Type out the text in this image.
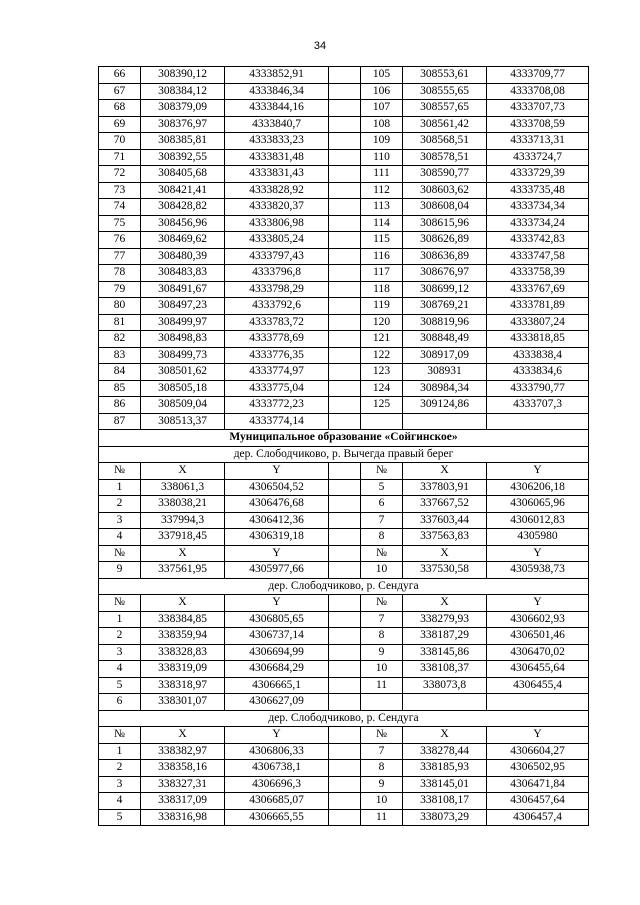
34
66	308390,12	4333852,91		105	308553,61	4333709,77
67	308384,12	4333846,34		106	308555,65	4333708,08
68	308379,09	4333844,16		107	308557,65	4333707,73
69	308376,97	4333840,7		108	308561,42	4333708,59
70	308385,81	4333833,23		109	308568,51	4333713,31
71	308392,55	4333831,48		110	308578,51	4333724,7
72	308405,68	4333831,43		111	308590,77	4333729,39
73	308421,41	4333828,92		112	308603,62	4333735,48
74	308428,82	4333820,37		113	308608,04	4333734,34
75	308456,96	4333806,98		114	308615,96	4333734,24
76	308469,62	4333805,24		115	308626,89	4333742,83
77	308480,39	4333797,43		116	308636,89	4333747,58
78	308483,83	4333796,8		117	308676,97	4333758,39
79	308491,67	4333798,29		118	308699,12	4333767,69
80	308497,23	4333792,6		119	308769,21	4333781,89
81	308499,97	4333783,72		120	308819,96	4333807,24
82	308498,83	4333778,69		121	308848,49	4333818,85
83	308499,73	4333776,35		122	308917,09	4333838,4
84	308501,62	4333774,97		123	308931	4333834,6
85	308505,18	4333775,04		124	308984,34	4333790,77
86	308509,04	4333772,23		125	309124,86	4333707,3
87	308513,37	4333774,14				
Муниципальное образование «Сойгинское»						
дер. Слободчиково, р. Вычегда правый берег						
№	X	Y		№	X	Y
1	338061,3	4306504,52		5	337803,91	4306206,18
2	338038,21	4306476,68		6	337667,52	4306065,96
3	337994,3	4306412,36		7	337603,44	4306012,83
4	337918,45	4306319,18		8	337563,83	4305980
№	X	Y		№	X	Y
9	337561,95	4305977,66		10	337530,58	4305938,73
дер. Слободчиково, р. Сендуга						
№	X	Y		№	X	Y
1	338384,85	4306805,65		7	338279,93	4306602,93
2	338359,94	4306737,14		8	338187,29	4306501,46
3	338328,83	4306694,99		9	338145,86	4306470,02
4	338319,09	4306684,29		10	338108,37	4306455,64
5	338318,97	4306665,1		11	338073,8	4306455,4
6	338301,07	4306627,09				
дер. Слободчиково, р. Сендуга						
№	X	Y		№	X	Y
1	338382,97	4306806,33		7	338278,44	4306604,27
2	338358,16	4306738,1		8	338185,93	4306502,95
3	338327,31	4306696,3		9	338145,01	4306471,84
4	338317,09	4306685,07		10	338108,17	4306457,64
5	338316,98	4306665,55		11	338073,29	4306457,4
